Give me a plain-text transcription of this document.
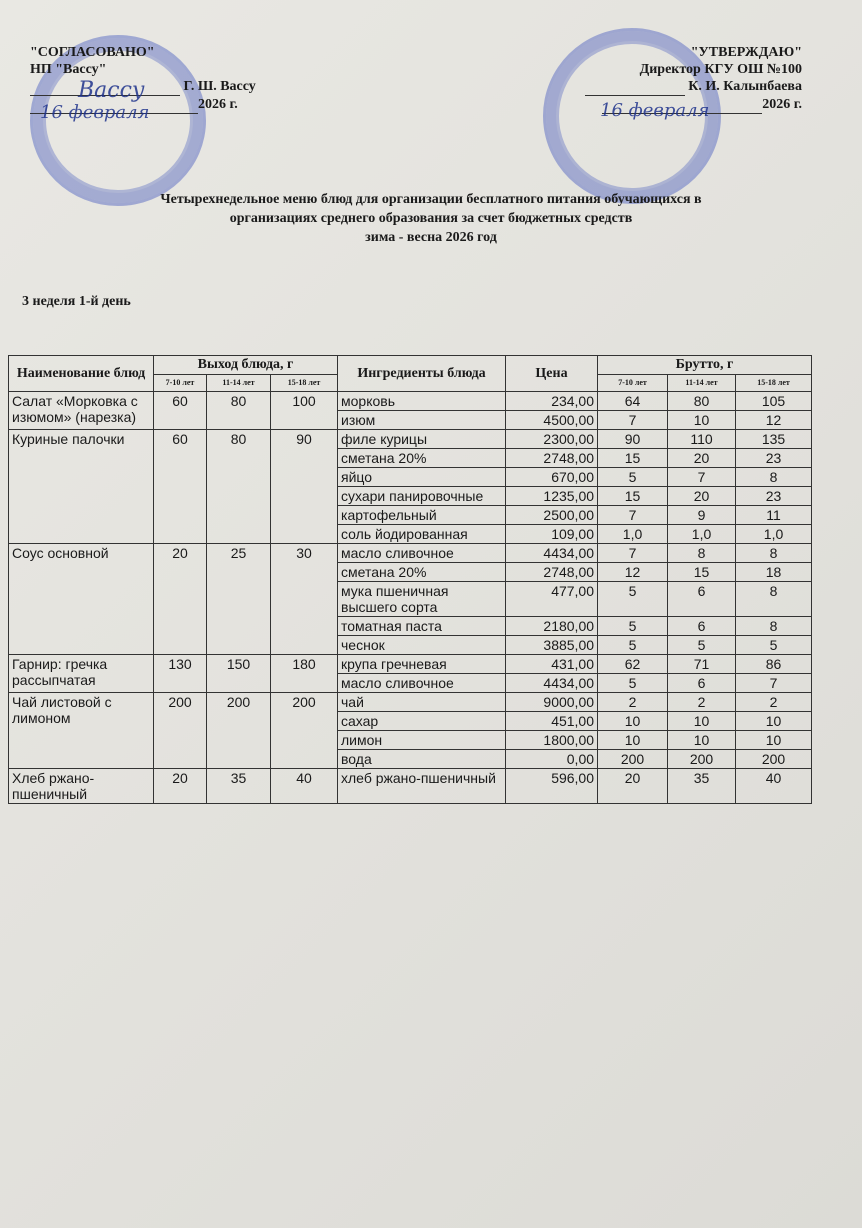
"СОГЛАСОВАНО"
НП "Вассу"
Г. Ш. Вассу
2026 г.
Вассу
16 февраля
"УТВЕРЖДАЮ"
Директор КГУ ОШ №100
К. И. Калынбаева
2026 г.
16 февраля
Четырехнедельное меню блюд для организации бесплатного питания обучающихся в
организациях среднего образования за счет бюджетных средств
зима - весна 2026 год
3 неделя 1-й день
Наименование блюд	Выход блюда, г			Ингредиенты блюда	Цена	Брутто, г		
	7-10 лет	11-14 лет	15-18 лет			7-10 лет	11-14 лет	15-18 лет
Салат «Морковка с изюмом» (нарезка)	60	80	100	морковь	234,00	64	80	105
				изюм	4500,00	7	10	12
Куриные палочки	60	80	90	филе курицы	2300,00	90	110	135
				сметана 20%	2748,00	15	20	23
				яйцо	670,00	5	7	8
				сухари панировочные	1235,00	15	20	23
				картофельный	2500,00	7	9	11
				соль йодированная	109,00	1,0	1,0	1,0
Соус основной	20	25	30	масло сливочное	4434,00	7	8	8
				сметана 20%	2748,00	12	15	18
				мука пшеничная высшего сорта	477,00	5	6	8
				томатная паста	2180,00	5	6	8
				чеснок	3885,00	5	5	5
Гарнир: гречка рассыпчатая	130	150	180	крупа гречневая	431,00	62	71	86
				масло сливочное	4434,00	5	6	7
Чай листовой с лимоном	200	200	200	чай	9000,00	2	2	2
				сахар	451,00	10	10	10
				лимон	1800,00	10	10	10
				вода	0,00	200	200	200
Хлеб ржано-пшеничный	20	35	40	хлеб ржано-пшеничный	596,00	20	35	40
